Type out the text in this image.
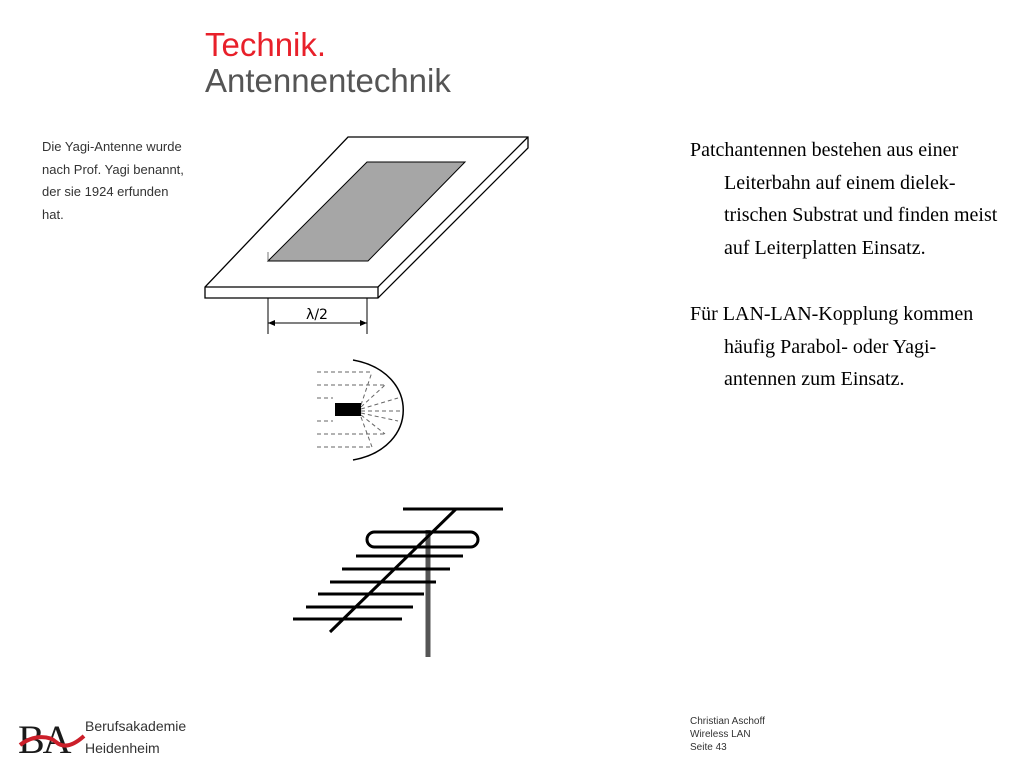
Technik.
Antennentechnik
Die Yagi-Antenne wurde nach Prof. Yagi benannt, der sie 1924 erfunden hat.
λ/2

Patchantennen bestehen aus einer Leiterbahn auf einem dielek-trischen Substrat und finden meist auf Leiterplatten Einsatz.

Für LAN-LAN-Kopplung kommen häufig Parabol- oder Yagi-antennen zum Einsatz.

BA Berufsakademie
Heidenheim
Christian Aschoff
Wireless LAN
Seite 43
